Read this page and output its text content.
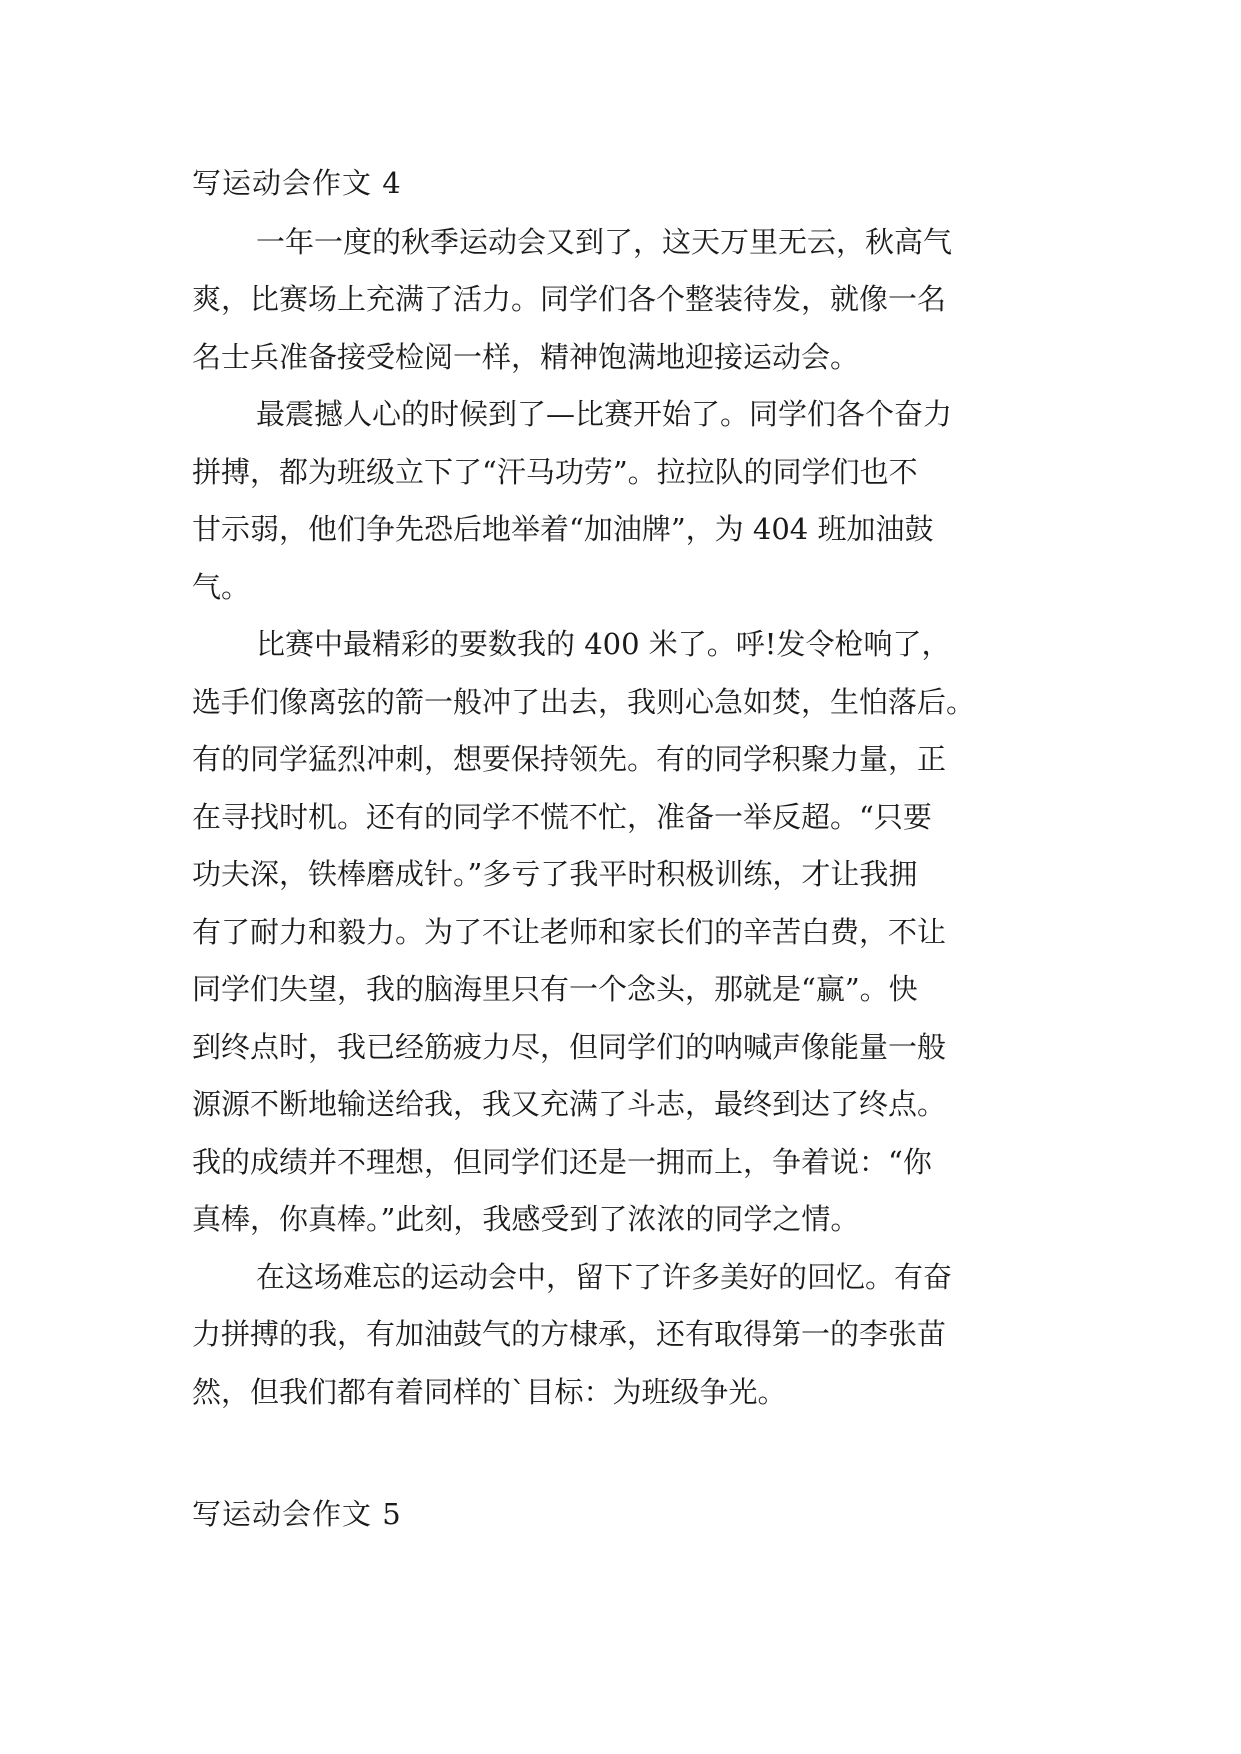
写运动会作文 4
一年一度的秋季运动会又到了，这天万里无云，秋高气
爽，比赛场上充满了活力。同学们各个整装待发，就像一名
名士兵准备接受检阅一样，精神饱满地迎接运动会。
最震撼人心的时候到了—比赛开始了。同学们各个奋力
拼搏，都为班级立下了“汗马功劳”。拉拉队的同学们也不
甘示弱，他们争先恐后地举着“加油牌”，为 404 班加油鼓
气。
比赛中最精彩的要数我的 400 米了。呼!发令枪响了，
选手们像离弦的箭一般冲了出去，我则心急如焚，生怕落后。
有的同学猛烈冲刺，想要保持领先。有的同学积聚力量，正
在寻找时机。还有的同学不慌不忙，准备一举反超。“只要
功夫深，铁棒磨成针。”多亏了我平时积极训练，才让我拥
有了耐力和毅力。为了不让老师和家长们的辛苦白费，不让
同学们失望，我的脑海里只有一个念头，那就是“赢”。快
到终点时，我已经筋疲力尽，但同学们的呐喊声像能量一般
源源不断地输送给我，我又充满了斗志，最终到达了终点。
我的成绩并不理想，但同学们还是一拥而上，争着说：“你
真棒，你真棒。”此刻，我感受到了浓浓的同学之情。
在这场难忘的运动会中，留下了许多美好的回忆。有奋
力拼搏的我，有加油鼓气的方棣承，还有取得第一的李张苗
然，但我们都有着同样的`目标：为班级争光。
写运动会作文 5
